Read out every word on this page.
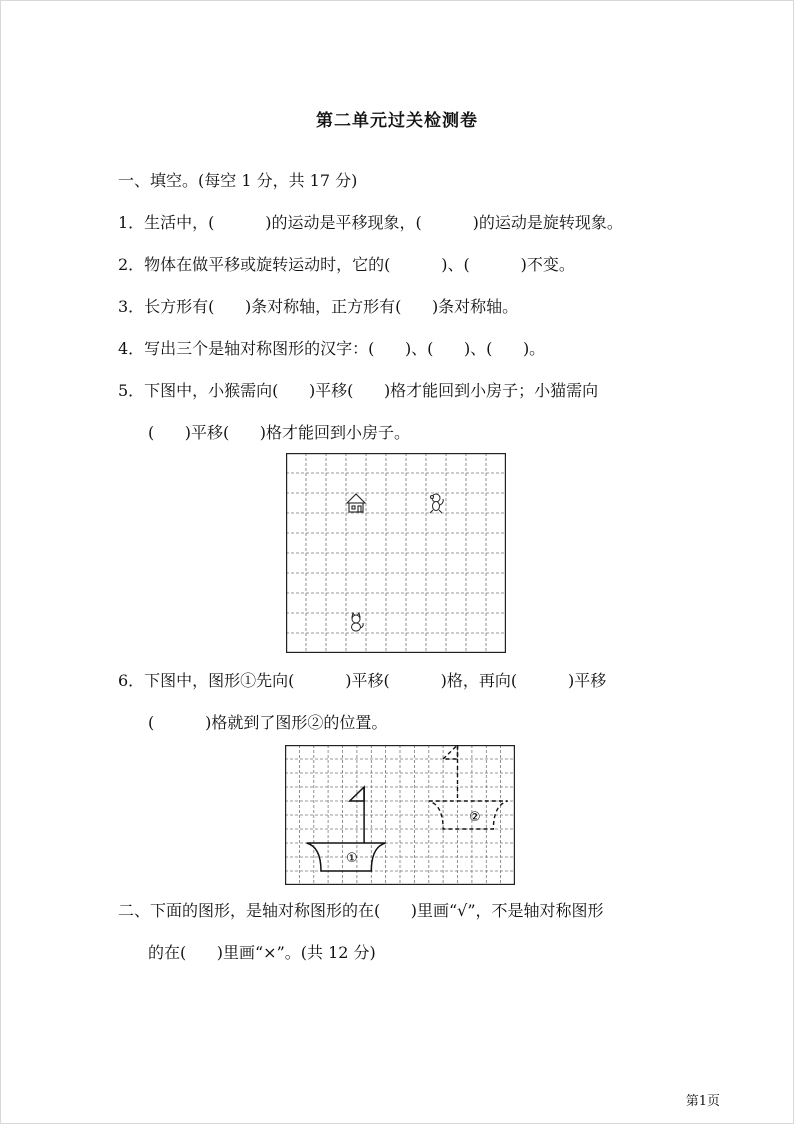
第二单元过关检测卷
一、填空。(每空 1 分，共 17 分)
1．生活中，(          )的运动是平移现象，(          )的运动是旋转现象。
2．物体在做平移或旋转运动时，它的(          )、(          )不变。
3．长方形有(      )条对称轴，正方形有(      )条对称轴。
4．写出三个是轴对称图形的汉字：(      )、(      )、(      )。
5．下图中，小猴需向(      )平移(      )格才能回到小房子；小猫需向
(      )平移(      )格才能回到小房子。
6．下图中，图形①先向(          )平移(          )格，再向(          )平移
(          )格就到了图形②的位置。
①
②
二、下面的图形，是轴对称图形的在(      )里画“√”，不是轴对称图形
的在(      )里画“×”。(共 12 分)
第1页
